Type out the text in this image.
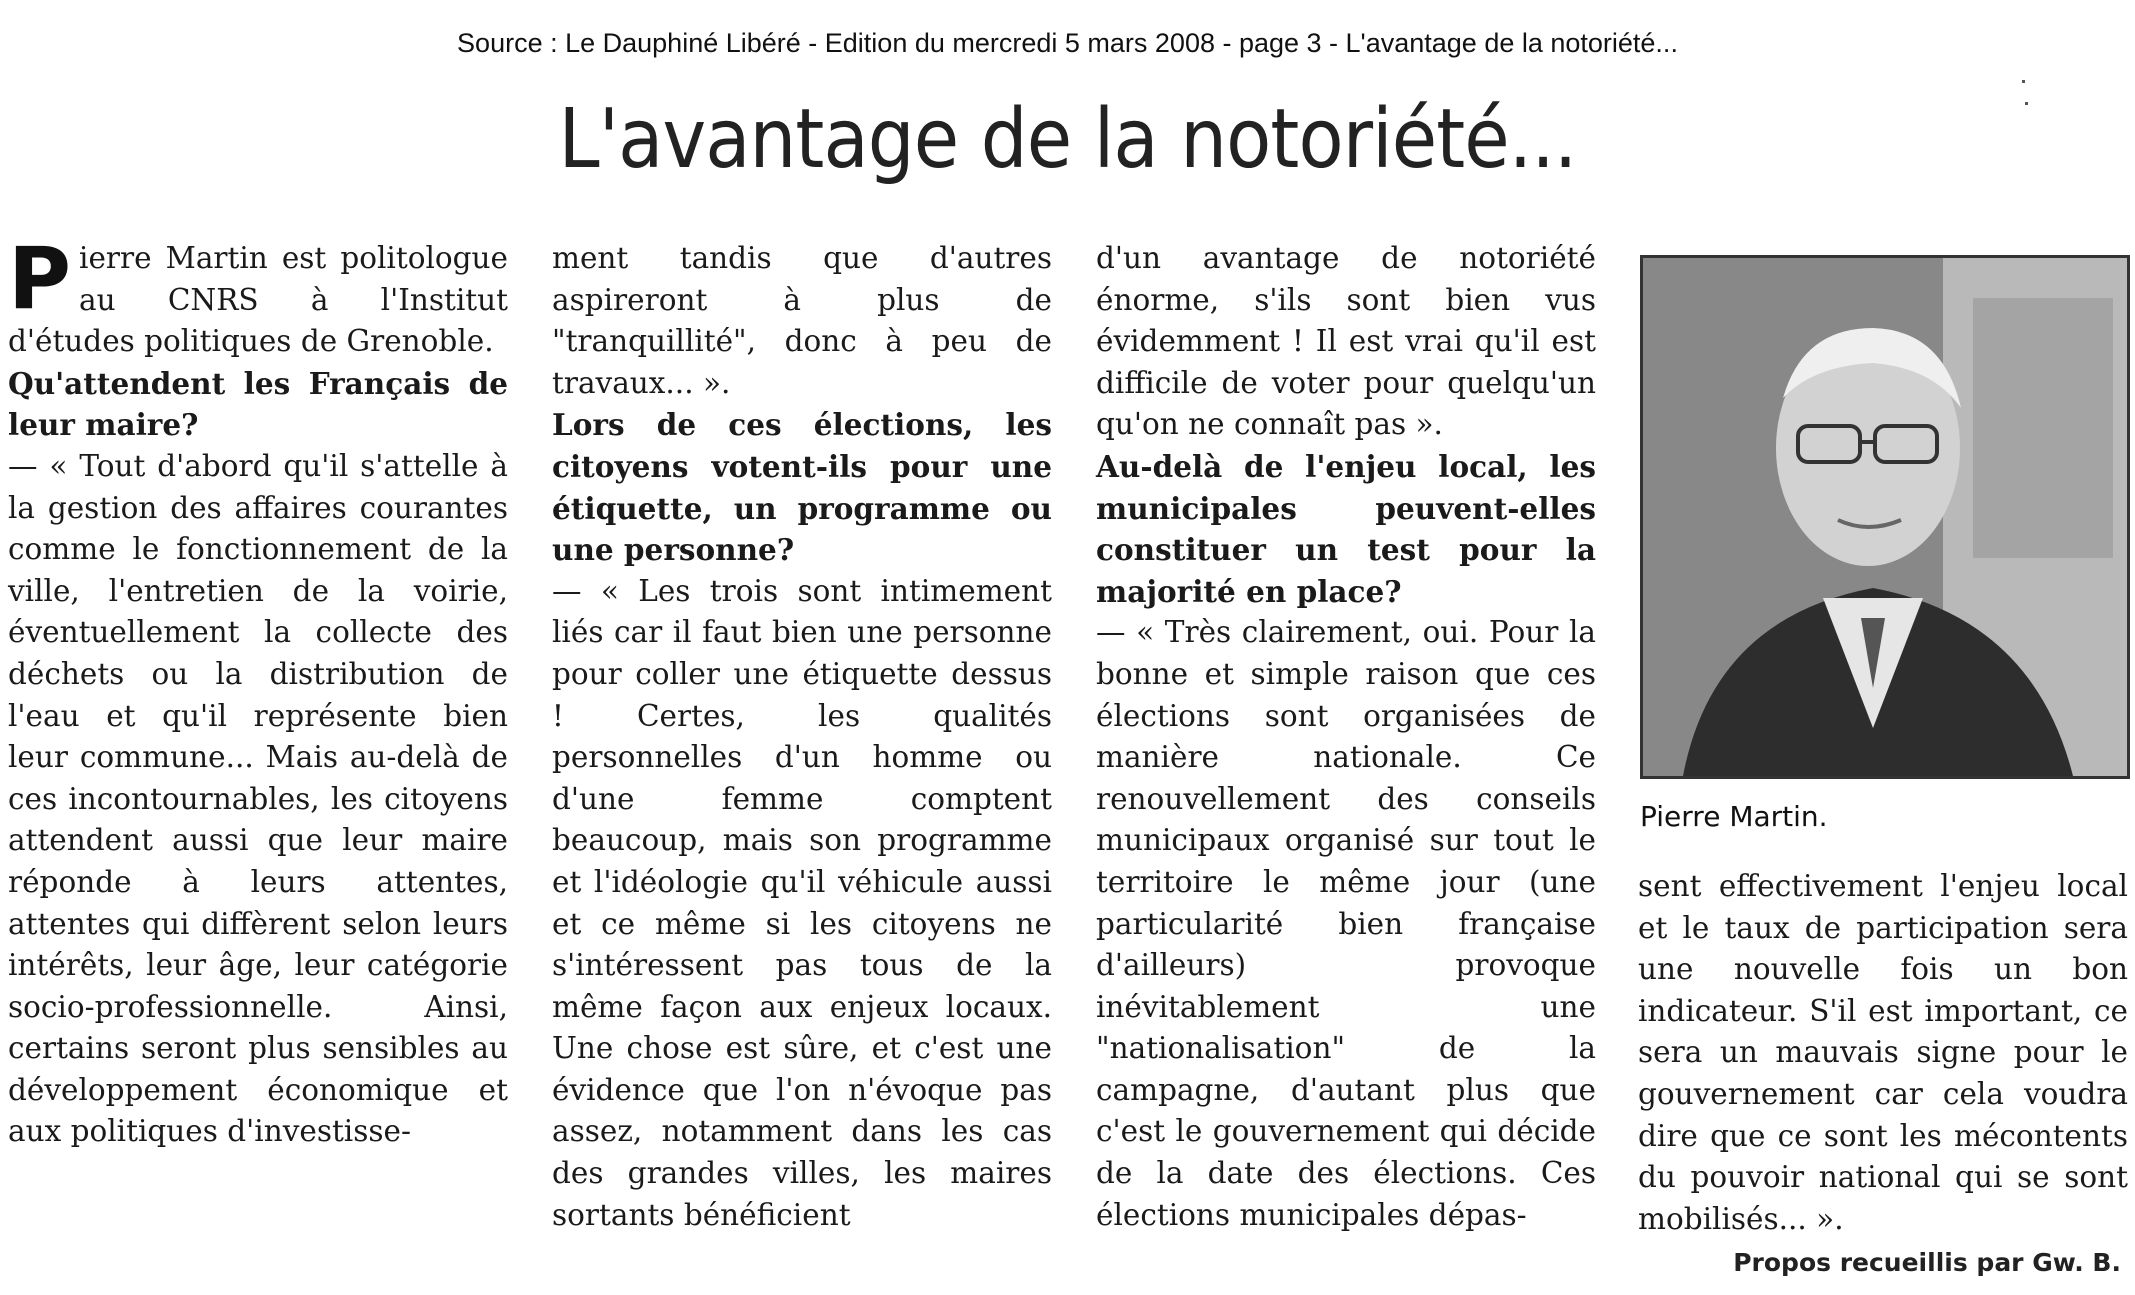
Source : Le Dauphiné Libéré - Edition du mercredi 5 mars 2008 - page 3 - L'avantage de la notoriété...
L'avantage de la notoriété...

Pierre Martin est politologue au CNRS à l'Institut d'études politiques de Grenoble.

Qu'attendent les Français de leur maire?

— « Tout d'abord qu'il s'attelle à la gestion des affaires courantes comme le fonctionnement de la ville, l'entretien de la voirie, éventuellement la collecte des déchets ou la distribution de l'eau et qu'il représente bien leur commune... Mais au-delà de ces incontournables, les citoyens attendent aussi que leur maire réponde à leurs attentes, attentes qui diffèrent selon leurs intérêts, leur âge, leur catégorie socio-professionnelle. Ainsi, certains seront plus sensibles au développement économique et aux politiques d'investisse-

ment tandis que d'autres aspireront à plus de "tranquillité", donc à peu de travaux... ».

Lors de ces élections, les citoyens votent-ils pour une étiquette, un programme ou une personne?

— « Les trois sont intimement liés car il faut bien une personne pour coller une étiquette dessus ! Certes, les qualités personnelles d'un homme ou d'une femme comptent beaucoup, mais son programme et l'idéologie qu'il véhicule aussi et ce même si les citoyens ne s'intéressent pas tous de la même façon aux enjeux locaux. Une chose est sûre, et c'est une évidence que l'on n'évoque pas assez, notamment dans les cas des grandes villes, les maires sortants bénéficient

d'un avantage de notoriété énorme, s'ils sont bien vus évidemment ! Il est vrai qu'il est difficile de voter pour quelqu'un qu'on ne connaît pas ».

Au-delà de l'enjeu local, les municipales peuvent-elles constituer un test pour la majorité en place?

— « Très clairement, oui. Pour la bonne et simple raison que ces élections sont organisées de manière nationale. Ce renouvellement des conseils municipaux organisé sur tout le territoire le même jour (une particularité bien française d'ailleurs) provoque inévitablement une "nationalisation" de la campagne, d'autant plus que c'est le gouvernement qui décide de la date des élections. Ces élections municipales dépas-

Pierre Martin.

sent effectivement l'enjeu local et le taux de participation sera une nouvelle fois un bon indicateur. S'il est important, ce sera un mauvais signe pour le gouvernement car cela voudra dire que ce sont les mécontents du pouvoir national qui se sont mobilisés... ».

Propos recueillis par Gw. B.
